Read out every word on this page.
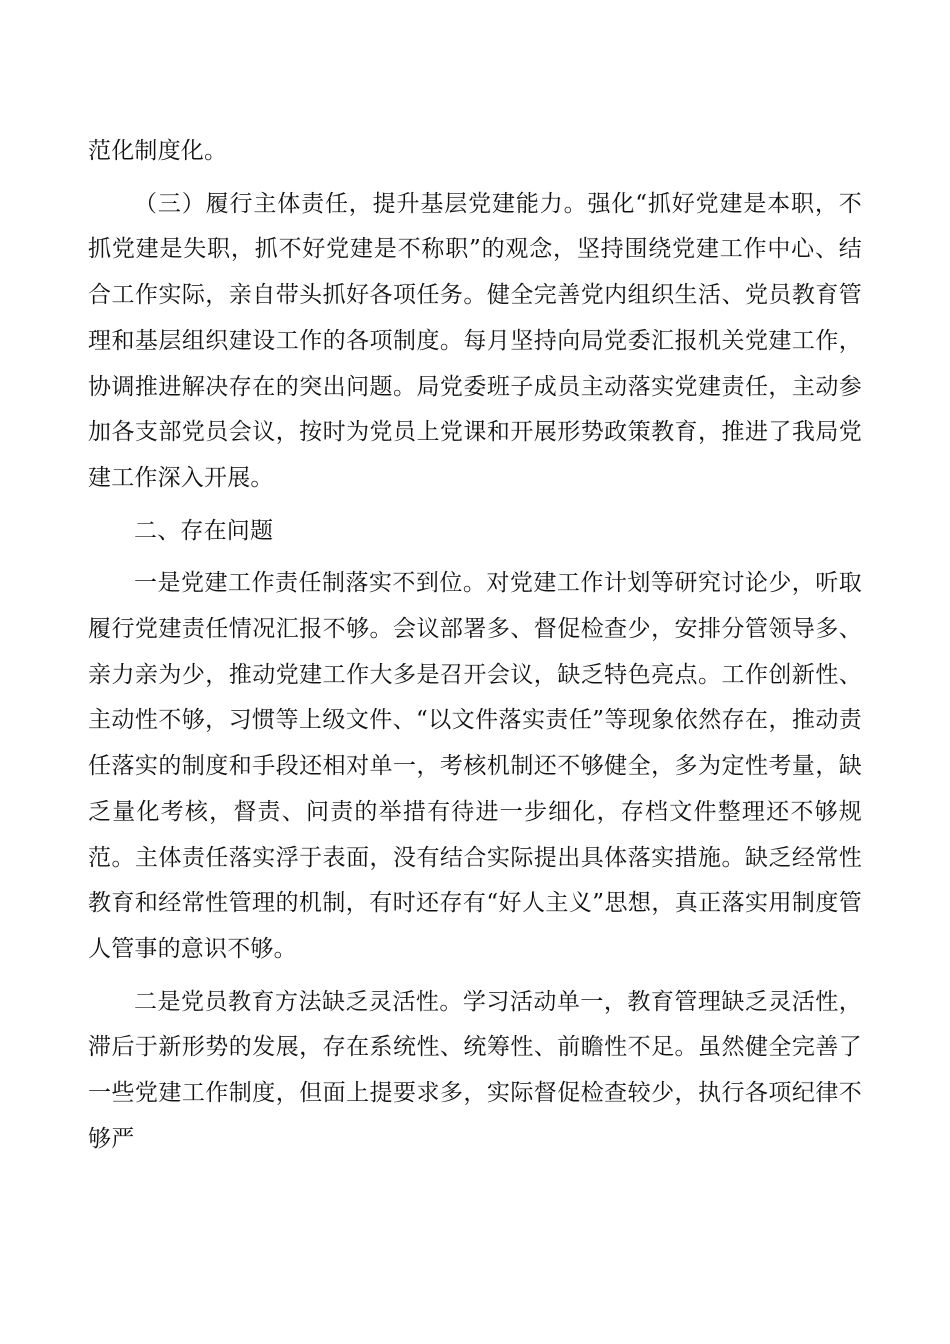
范化制度化。

（三）履行主体责任，提升基层党建能力。强化“抓好党建是本职，不抓党建是失职，抓不好党建是不称职”的观念，坚持围绕党建工作中心、结合工作实际，亲自带头抓好各项任务。健全完善党内组织生活、党员教育管理和基层组织建设工作的各项制度。每月坚持向局党委汇报机关党建工作，协调推进解决存在的突出问题。局党委班子成员主动落实党建责任，主动参加各支部党员会议，按时为党员上党课和开展形势政策教育，推进了我局党建工作深入开展。

二、存在问题

一是党建工作责任制落实不到位。对党建工作计划等研究讨论少，听取履行党建责任情况汇报不够。会议部署多、督促检查少，安排分管领导多、亲力亲为少，推动党建工作大多是召开会议，缺乏特色亮点。工作创新性、主动性不够，习惯等上级文件、“以文件落实责任”等现象依然存在，推动责任落实的制度和手段还相对单一，考核机制还不够健全，多为定性考量，缺乏量化考核，督责、问责的举措有待进一步细化，存档文件整理还不够规范。主体责任落实浮于表面，没有结合实际提出具体落实措施。缺乏经常性教育和经常性管理的机制，有时还存有“好人主义”思想，真正落实用制度管人管事的意识不够。

二是党员教育方法缺乏灵活性。学习活动单一，教育管理缺乏灵活性，滞后于新形势的发展，存在系统性、统筹性、前瞻性不足。虽然健全完善了一些党建工作制度，但面上提要求多，实际督促检查较少，执行各项纪律不够严
